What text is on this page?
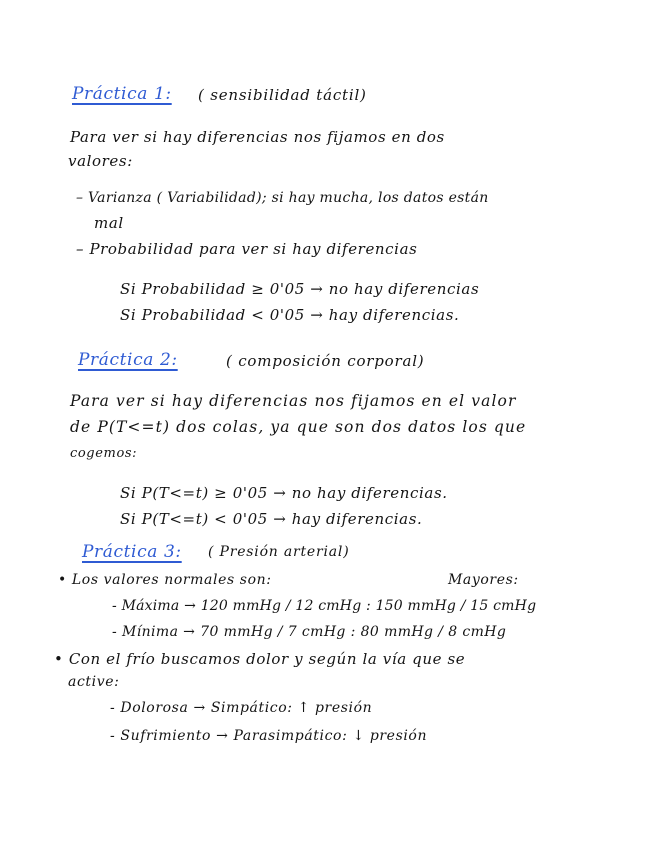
Práctica 1: ( sensibilidad táctil)
Para ver si hay diferencias nos fijamos en dos
valores:
– Varianza ( Variabilidad); si hay mucha, los datos están
mal
– Probabilidad para ver si hay diferencias
Si Probabilidad ≥ 0'05 → no hay diferencias
Si Probabilidad < 0'05 → hay diferencias.
Práctica 2:	( composición corporal)
Para ver si hay diferencias nos fijamos en el valor
de P(T<=t) dos colas, ya que son dos datos los que
cogemos:
Si P(T<=t) ≥ 0'05 → no hay diferencias.
Si P(T<=t) < 0'05 → hay diferencias.
Práctica 3: ( Presión arterial)
• Los valores normales son:	Mayores:
- Máxima → 120 mmHg / 12 cmHg : 150 mmHg / 15 cmHg
- Mínima → 70 mmHg / 7 cmHg : 80 mmHg / 8 cmHg
• Con el frío buscamos dolor y según la vía que se
active:
- Dolorosa → Simpático: ↑ presión
- Sufrimiento → Parasimpático: ↓ presión
